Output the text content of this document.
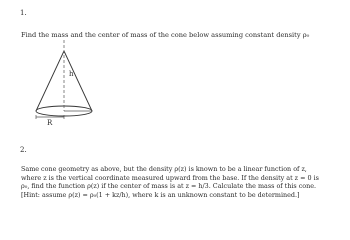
1.
Find the mass and the center of mass of the cone below assuming constant density ρ₀
h
R
2.
Same cone geometry as above, but the density ρ(z) is known to be a linear function of z,
where z is the vertical coordinate measured upward from the base. If the density at z = 0 is
ρ₀, find the function ρ(z) if the center of mass is at z = h/3. Calculate the mass of this cone.
[Hint: assume ρ(z) = ρ₀(1 + kz/h), where k is an unknown constant to be determined.]
